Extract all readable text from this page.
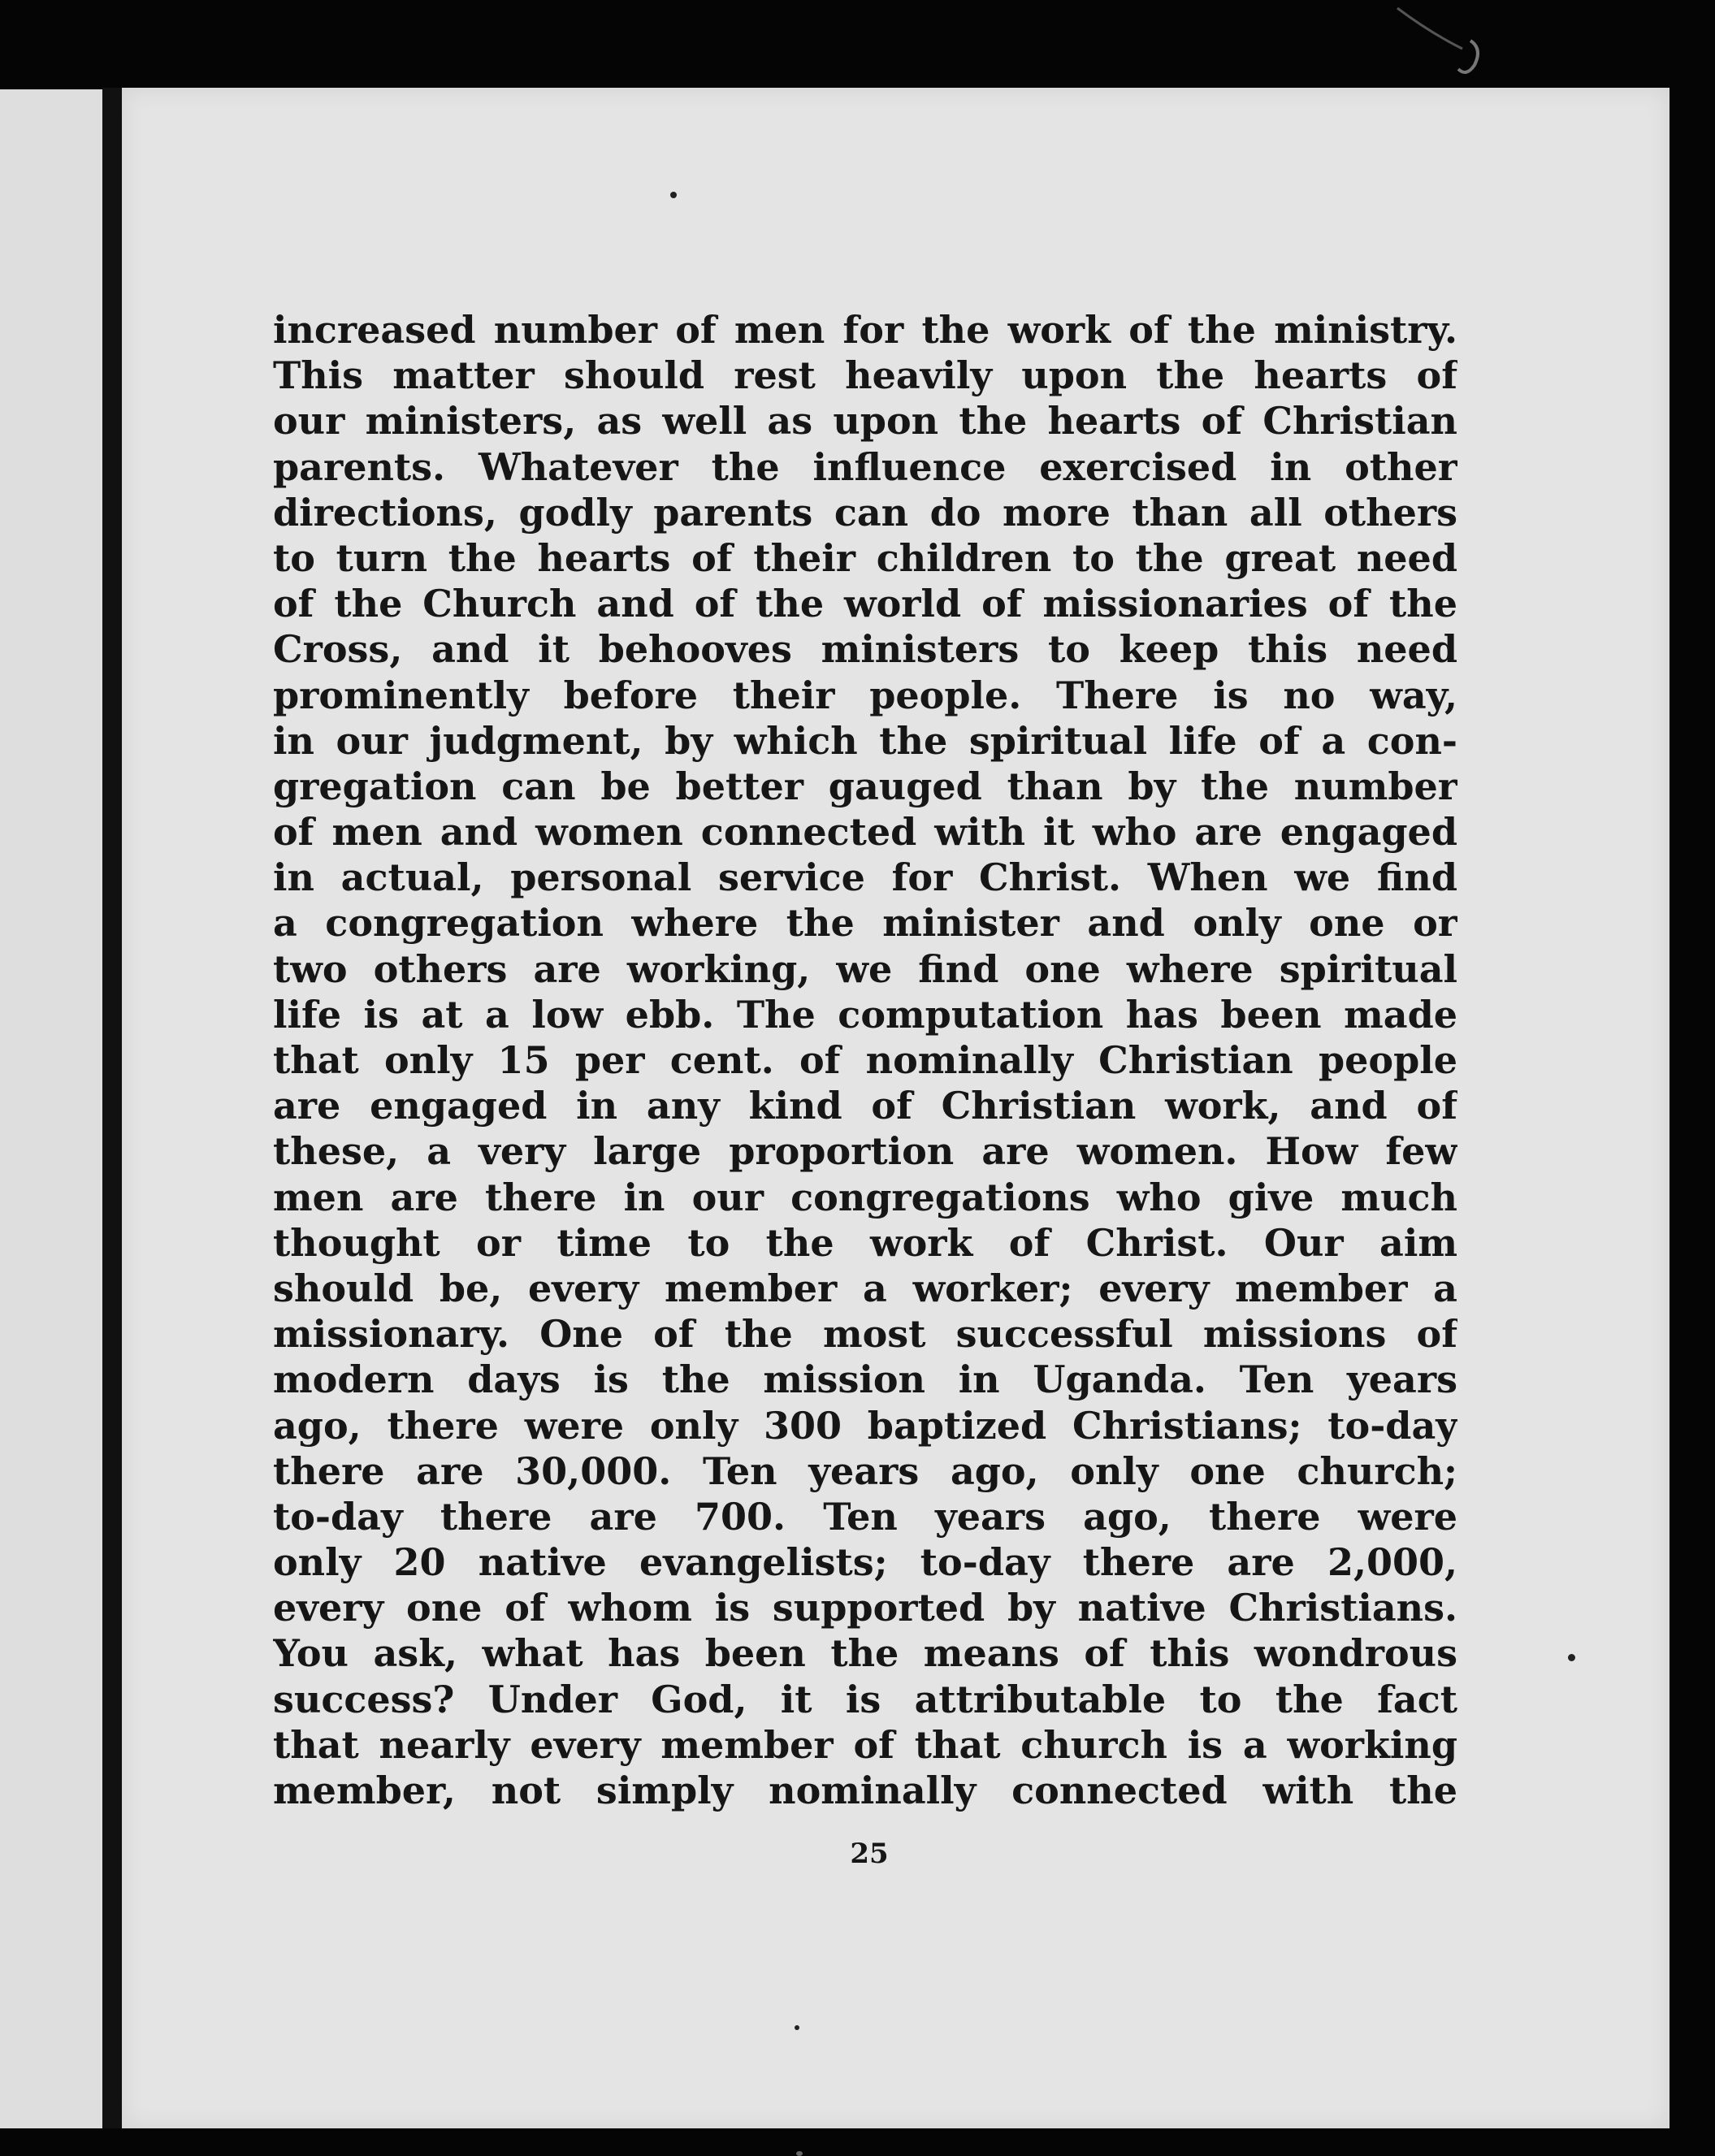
increased number of men for the work of the ministry.
This matter should rest heavily upon the hearts of
our ministers, as well as upon the hearts of Christian
parents. Whatever the influence exercised in other
directions, godly parents can do more than all others
to turn the hearts of their children to the great need
of the Church and of the world of missionaries of the
Cross, and it behooves ministers to keep this need
prominently before their people. There is no way,
in our judgment, by which the spiritual life of a con-
gregation can be better gauged than by the number
of men and women connected with it who are engaged
in actual, personal service for Christ. When we find
a congregation where the minister and only one or
two others are working, we find one where spiritual
life is at a low ebb. The computation has been made
that only 15 per cent. of nominally Christian people
are engaged in any kind of Christian work, and of
these, a very large proportion are women. How few
men are there in our congregations who give much
thought or time to the work of Christ. Our aim
should be, every member a worker; every member a
missionary. One of the most successful missions of
modern days is the mission in Uganda. Ten years
ago, there were only 300 baptized Christians; to-day
there are 30,000. Ten years ago, only one church;
to-day there are 700. Ten years ago, there were
only 20 native evangelists; to-day there are 2,000,
every one of whom is supported by native Christians.
You ask, what has been the means of this wondrous
success? Under God, it is attributable to the fact
that nearly every member of that church is a working
member, not simply nominally connected with the
25
